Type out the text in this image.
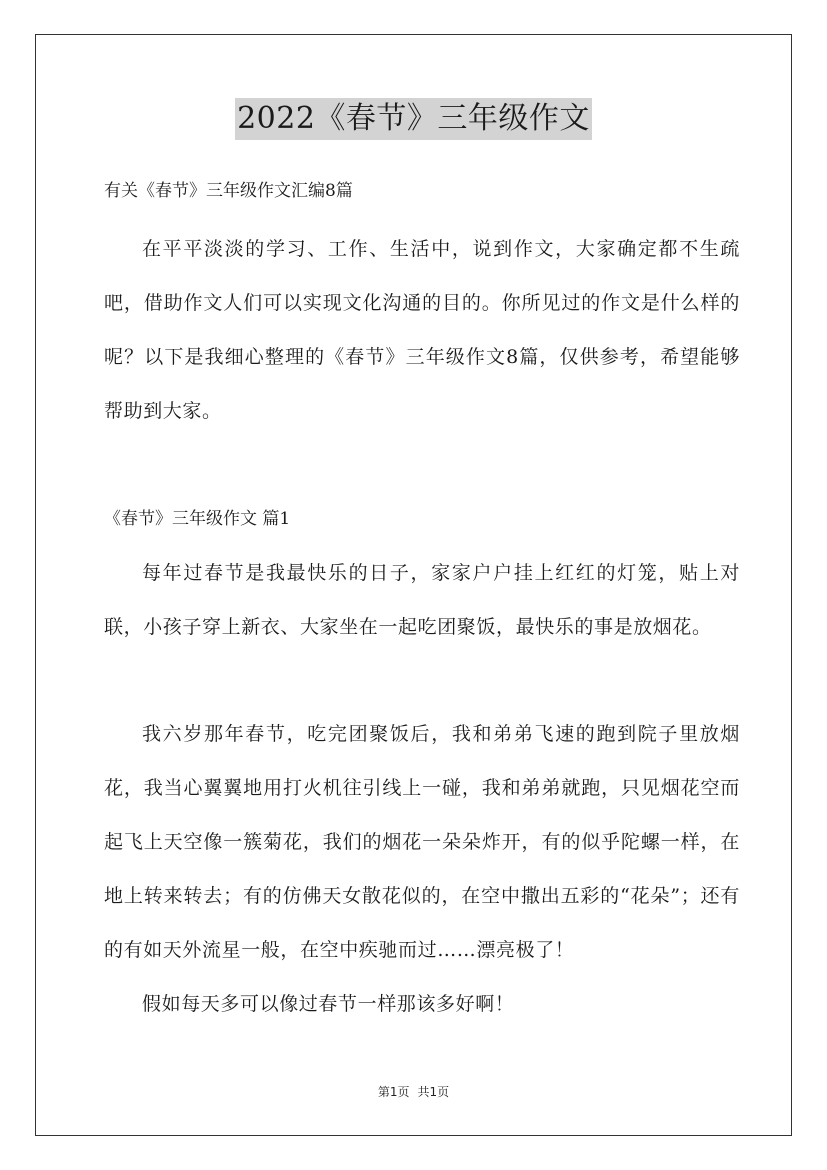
2022《春节》三年级作文
有关《春节》三年级作文汇编8篇

在平平淡淡的学习、工作、生活中，说到作文，大家确定都不生疏吧，借助作文人们可以实现文化沟通的目的。你所见过的作文是什么样的呢？以下是我细心整理的《春节》三年级作文8篇，仅供参考，希望能够帮助到大家。

《春节》三年级作文 篇1

每年过春节是我最快乐的日子，家家户户挂上红红的灯笼，贴上对联，小孩子穿上新衣、大家坐在一起吃团聚饭，最快乐的事是放烟花。

我六岁那年春节，吃完团聚饭后，我和弟弟飞速的跑到院子里放烟花，我当心翼翼地用打火机往引线上一碰，我和弟弟就跑，只见烟花空而起飞上天空像一簇菊花，我们的烟花一朵朵炸开，有的似乎陀螺一样，在地上转来转去；有的仿佛天女散花似的，在空中撒出五彩的“花朵”；还有的有如天外流星一般，在空中疾驰而过……漂亮极了！

假如每天多可以像过春节一样那该多好啊！

第1页 共1页
